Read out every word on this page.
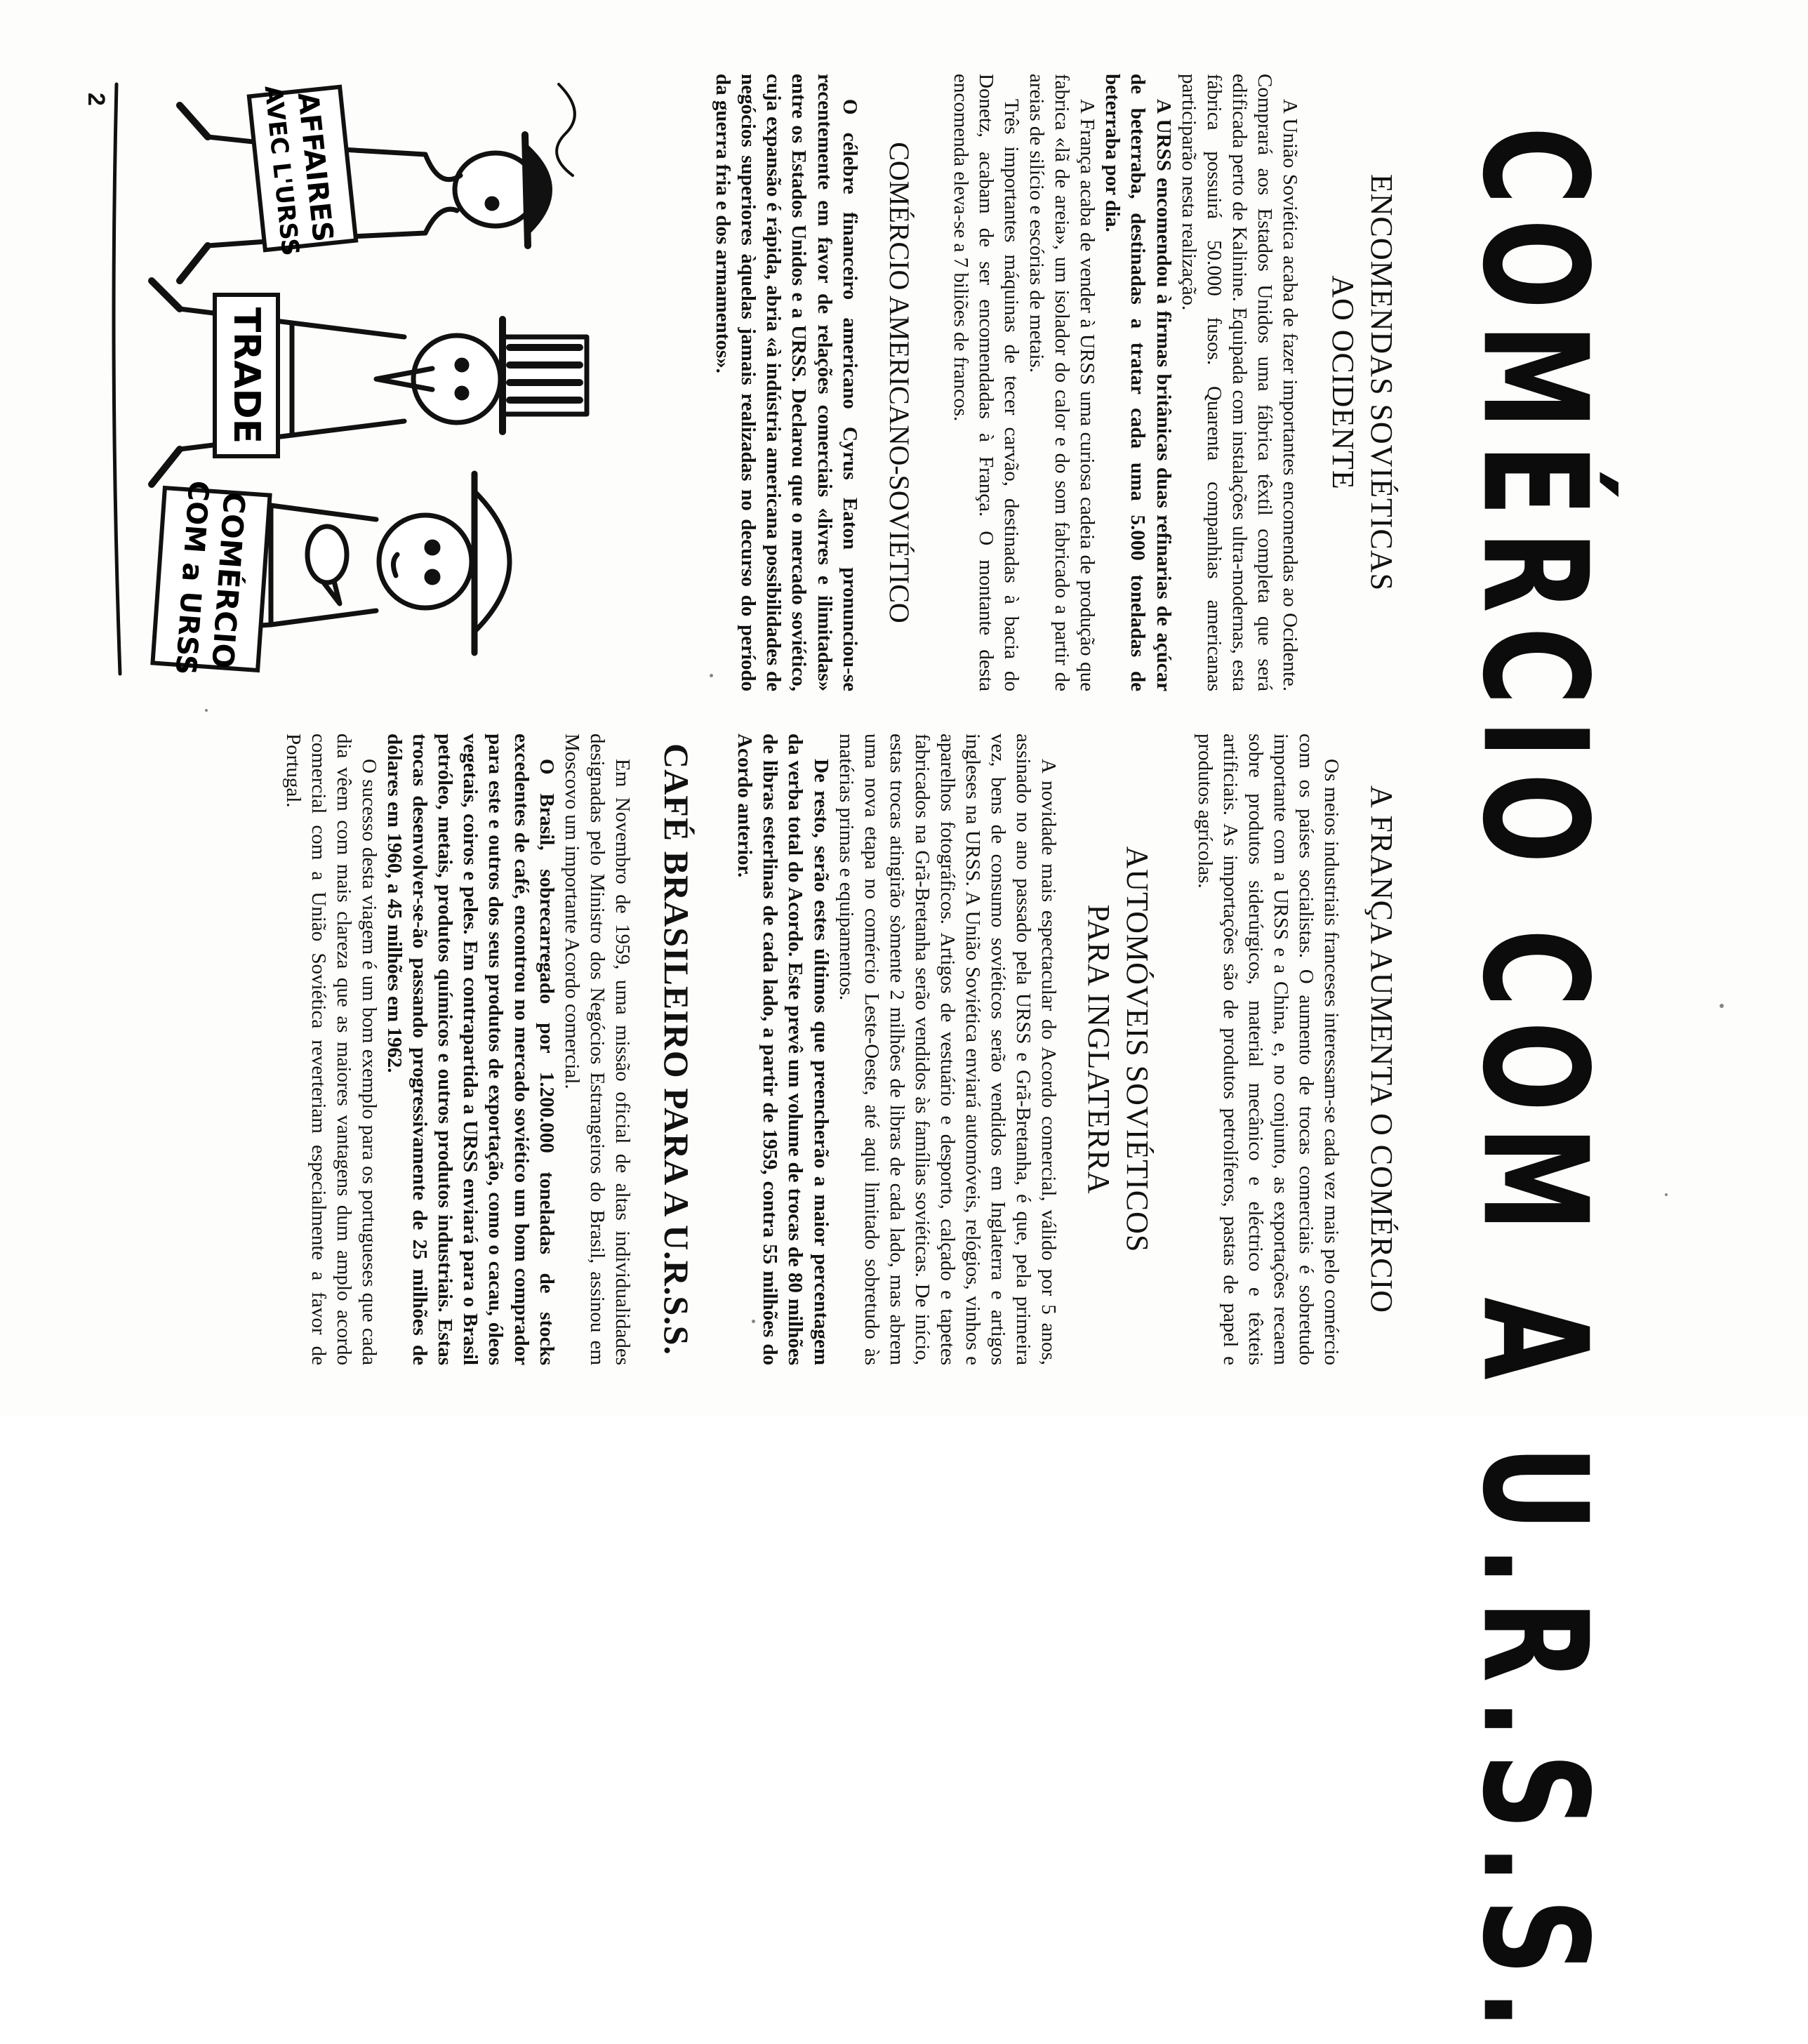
COMÉRCIO COM A U.R.S.S.
ENCOMENDAS SOVIÉTICAS
AO OCIDENTE

A União Soviética acaba de fazer importantes encomendas ao Ocidente. Comprará aos Estados Unidos uma fábrica têxtil completa que será edificada perto de Kalinine. Equipada com instalações ultra-modernas, esta fábrica possuirá 50.000 fusos. Quarenta companhias americanas participarão nesta realização.

A URSS encomendou à firmas britânicas duas refinarias de açúcar de beterraba, destinadas a tratar cada uma 5.000 toneladas de beterraba por dia.

A França acaba de vender à URSS uma curiosa cadeia de produção que fabrica «lã de areia», um isolador do calor e do som fabricado a partir de areias de silício e escórias de metais.

Três importantes máquinas de tecer carvão, destinadas à bacia do Donetz, acabam de ser encomendadas à França. O montante desta encomenda eleva-se a 7 biliões de francos.

COMÉRCIO AMERICANO-SOVIÉTICO

O célebre financeiro americano Cyrus Eaton pronunciou-se recentemente em favor de relações comerciais «livres e ilimitadas» entre os Estados Unidos e a URSS. Declarou que o mercado soviético, cuja expansão é rápida, abria «à indústria americana possibilidades de negócios superiores àquelas jamais realizadas no decurso do período da guerra fria e dos armamentos».

AFFAIRES
AVEC L'URSS
TRADE
COMÉRCIO
COM a URSS
2
A FRANÇA AUMENTA O COMÉRCIO

Os meios industriais franceses interessam-se cada vez mais pelo comércio com os países socialistas. O aumento de trocas comerciais é sobretudo importante com a URSS e a China, e, no conjunto, as exportações recaem sobre produtos siderúrgicos, material mecânico e eléctrico e têxteis artificiais. As importações são de produtos petrolíferos, pastas de papel e produtos agrícolas.

AUTOMÓVEIS SOVIÉTICOS
PARA INGLATERRA

A novidade mais espectacular do Acordo comercial, válido por 5 anos, assinado no ano passado pela URSS e Grã-Bretanha, é que, pela primeira vez, bens de consumo soviéticos serão vendidos em Inglaterra e artigos ingleses na URSS. A União Soviética enviará automóveis, relógios, vinhos e aparelhos fotográficos. Artigos de vestuário e desporto, calçado e tapetes fabricados na Grã-Bretanha serão vendidos às famílias soviéticas. De início, estas trocas atingirão sòmente 2 milhões de libras de cada lado, mas abrem uma nova etapa no comércio Leste-Oeste, até aqui limitado sobretudo às matérias primas e equipamentos.

De resto, serão estes últimos que preencherão a maior percentagem da verba total do Acordo. Este prevê um volume de trocas de 80 milhões de libras esterlinas de cada lado, a partir de 1959, contra 55 milhões do Acordo anterior.

CAFÉ BRASILEIRO PARA A U.R.S.S.

Em Novembro de 1959, uma missão oficial de altas individualidades designadas pelo Ministro dos Negócios Estrangeiros do Brasil, assinou em Moscovo um importante Acordo comercial.

O Brasil, sobrecarregado por 1.200.000 toneladas de stocks excedentes de café, encontrou no mercado soviético um bom comprador para este e outros dos seus produtos de exportação, como o cacau, óleos vegetais, coiros e peles. Em contrapartida a URSS enviará para o Brasil petróleo, metais, produtos químicos e outros produtos industriais. Estas trocas desenvolver-se-ão passando progressivamente de 25 milhões de dólares em 1960, a 45 milhões em 1962.

O sucesso desta viagem é um bom exemplo para os portugueses que cada dia vêem com mais clareza que as maiores vantagens dum amplo acordo comercial com a União Soviética reverteriam especialmente a favor de Portugal.
